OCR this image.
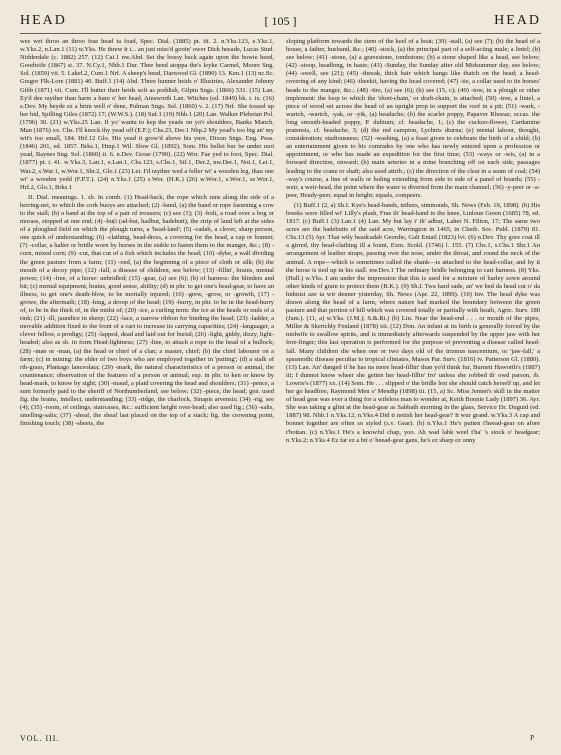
HEAD	[ 105 ]	HEAD

wes wet throo an throo frae head ta foad, Spec. Dial. (1885) pt. iii. 2. n.Yks.123, e.Yks.1, w.Yks.2, n.Lan.1 (11) w.Yks. He threw it i... an just miss'd gooin' ower Dick heeade, Lucas Stud. Nidderdale (c. 1882) 257. (12) Cai.1 nw.Abd. Set the bossy back again upon the bowie heed, Goodwife (1867) st. 37. N.Cy.1, Nhb.1 Dur. Thee heed atoppa the's leyke Carmel, Moore Sng. Sol. (1859) vii. 5. Lakel.2, Cum.1 Nrf. A sheep's heed, Darwood Gl. (1890) 13. Ken.1 (13) nc.Sc. Gregor Flk-Lore (1881) 40. Buff.1 (14) Abd. Three hunner heids o' Illustries, Alexander Johnny Gibb (1871) vii. Cum. I'll butter their heids soft as poddish, Gilpin Sngs. (1866) 531. (15) Lan. Ey'd dee rayther than harm a hure o' her head, Ainsworth Lan. Witches (ed. 1849) bk. i. ix. (16) e.Dev. My heyde ez a brim well o' dene, Pulman Sngs. Sol. (1860) v. 2. (17) Nrf. She tossed up her hid, Spilling Giles (1872) 17; (W.W.S.). (18) Suf.1 (19) Nhb.1 (20) Lan. Walker Plebeian Pol. (1796) 30. (21) w.Yks.25 Lan. If yo' wanta to kep the yeads on yo'r shoulders, Banks Manch. Man (1876) xx. Chs. I'll knock thy yead off (E.F.); Chs.23, Der.1 Nhp.2 My yead's too big an' my wit's too small, 184. Hrf.12 Glo. His yead it grow'd above his yure, Dixon Sngs. Eng. Peas. (1846) 201, ed. 1857. Brks.1, Hmp.1 Wil. Slow Gl. (1892). Som. His bellei bur be under moi yead, Baynes Sng. Sol. (1860) ii. 6. n.Dev. Grose (1790). (22) Wor. Fae yed to foot, Spec. Dial. (1877) pt. i. 41. w.Yks.3, Lan.1, e.Lan.1, Chs.123, s.Chs.1, Stf.1, Der.2, nw.Der.1, Not.1, Lei.1, War.2, s.War.1, w.Wor.1, Shr.2, Glo.1 (23) Lei. I'd rayther wed a feller wi' a wooden leg, than one wi' a wooden yedd (F.P.T.). (24) n.Yks.1 (25) s.Wor. (H.K.) (26) w.Wor.1, s.Wor.1, se.Wor.1, Hrf.2, Glo.1, Brks.1

II. Dial. meanings. 1. sb. In comb. (1) Head-back, the rope which runs along the side of a herring-net, to which the cork buoys are attached; (2) -band, (a) the band or rope fastening a cow to the stall; (b) a band at the top of a pair of trousers; (c) see (1); (3) -bolt, a road over a bog or morass, stopped at one end; (4) -bu(t (ad-but, hadbut, hadebutt), the strip of land left at the sides of a ploughed field on which the plough turns, a 'head-land'; (5) -cadab, a clever, sharp person, one quick of understanding; (6) -clathing, head-dress, a covering for the head, a cap or bonnet; (7) -collar, a halter or bridle worn by horses in the stable to fasten them to the manger, &c.; (8) -corn, mixed corn; (9) -cut, that cut of a fish which includes the head; (10) -dyke, a wall dividing the green pasture from a farm; (11) -end, (a) the beginning of a piece of cloth or silk; (b) the mouth of a decoy pipe; (12) -fall, a disease of children, see below; (13) -fillin', brains, mental power; (14) -free, of a horse: unbridled; (15) -gear, (a) see (6); (b) of harness: the blinders and bit; (c) mental equipment, brains, good sense, ability; (d) in phr. to get one's head-gear, to have an illness, to get one's death-blow, to be mortally injured; (16) -grew, -grow, or -growth, (17) -growe, the aftermath; (18) -hing, a droop of the head; (19) -hurry, in phr. to be in the head-hurry of, to be in the thick of, in the midst of; (20) -ice, a curling term: the ice at the heads or ends of a rink; (21) -ill, jaundice in sheep; (22) -lace, a narrow ribbon for binding the head; (23) -ladder, a movable addition fixed to the front of a cart to increase its carrying capacities; (24) -languager, a clever fellow, a prodigy; (25) -lapped, dead and laid out for burial; (26) -light, giddy, dizzy, light-headed; also as sb. in form Head-lightness; (27) -line, to attach a rope to the head of a bullock; (28) -man or -man, (a) the head or chief of a clan; a master, chief; (b) the chief labourer on a farm; (c) in mining: the elder of two boys who are employed together in 'putting'; (d) a stalk of rib-grass, Plantago lanceolata; (29) -mark, the natural characteristics of a person or animal, the countenance; observation of the features of a person or animal; esp. in phr. to ken or know by head-mark, to know by sight; (30) -maud, a plaid covering the head and shoulders; (31) -pence, a sum formerly paid to the sheriff of Northumberland, see below; (32) -piece, the head; gen. used fig. the brains, intellect, understanding; (33) -ridge, the charlock, Sinapis arvensis; (34) -rig, see (4); (35) -room, of ceilings, staircases, &c.: sufficient height over-head; also used fig.; (36) -salts, smelling-salts; (37) -sheaf, the sheaf last placed on the top of a stack; fig. the crowning point, finishing touch; (38) -sheets, the

sloping platform towards the stem of the keel of a boat; (39) -stall, (a) see (7); (b) the head of a house, a father, husband, &c.; (40) -stock, (a) the principal part of a self-acting mule; a lintel; (b) see below; (41) -stone, (a) a gravestone, tombstone; (b) a stone shaped like a head, see below; (42) -stoop, headlong, in haste; (43) -Sunday, the Sunday after old Midsummer day, see below; (44) -swell, see (21); (45) -theeak, thick hair which hangs like thatch on the head; a head-covering of any kind; (46) -theekit, having the head covered; (47) -tie, a collar used to tie horses' heads to the manger, &c.; (48) -tire, (a) see (6); (b) see (15, c); (49) -tow, in a plough or other implement: the loop to which the 'short-chain,' or draft-chain, is attached; (50) -tree, a lintel, a piece of wood set across the head of an upright prop to support the roof in a pit; (51) -wark, -wartch, -wartch, -yak, or -yik, (a) headache; (b) the scarlet poppy, Papaver Rhoeas; occas. the long smooth-headed poppy, P. dubium; cf. headache, 1; (c) the cuckoo-flower, Cardamine pratensis, cf. headache, 3; (d) the red campion, Lychnis diurna; (e) mental labour, thought, consideration; studiousness; (52) -washing, (a) a feast given to celebrate the birth of a child; (b) an entertainment given to his comrades by one who has newly entered upon a profession or appointment, or who has made an expedition for the first time; (53) -ways or -wis, (a) in a forward direction, onward; (b) main arteries in a mine branching off on each side, passages leading to the crane or shaft; also used attrib.; (c) the direction of the cleat in a seam of coal; (54) -way's course, a line of walls or holing extending from side to side of a panel of boards; (55) -weir, a weir-head, the point where the water is diverted from the main channel; (56) -y-peer or -a-peer, Heady-peer, equal in height; equals, compeers.

(1) Buff.1 (2, a) Sh.I. Kye's head-bands, tethers, simmonds, Sh. News (Feb. 19, 1898). (b) His breeks were filled wi' Lilly's plash, Frae th' head-band to the knee, Linloun Green (1685) 78, ed. 1817. (c) Buff.1 (3) Lan.1 (4) Lan. My but lay i' th' adbut, Laher N. Filton, 17; The same two acres are the hadebutts of the said acre, Warrington in 1465, in Chetb. Soc. Publ. (1879) 81. Chs.13 (5) Ayr. That wily headcadab Geordie, Galt Entail (1823) lvi. (6) n.Dev. Thy gore coat ill a girred, thy head-clathing ill a fount, Exm. Scold. (1746) l. 155. (7) Chs.1, s.Chs.1 Shr.1 An arrangement of leather straps, passing over the nose, under the throat, and round the neck of the animal. A rope—which is sometimes called the shank—is attached to the head-collar, and by it the horse is tied up in his stall. nw.Dev.1 The ordinary bridle belonging to cart harness. (8) Yks. (Hall.) w.Yks. I am under the impression that this is used for a mixture of barley sown around other kinds of grain to protect them (B.K.). (9) Sh.I. Twa hard sade, an' we hed da head cut o' da hidmist aze ta wir denner yisterday, Sh. News (Apr. 22, 1899). (10) Inv. The head dyke was drawn along the head of a farm, where nature had marked the boundary between the green pasture and that portion of hill which was covered totally or partially with heath, Agric. Surv. 180 (Jam.). (11, a) w.Yks. (J.M.); S.&.Ri.) (b) Lin. Near the head-end . . . or mouth of the pipes, Miller & Skertchly Fenland (1878) xii. (12) Don. An infant at its birth is generally forced by the midwife to swallow spirits, and is immediately afterwards suspended by the upper jaw with her fore-finger; this last operation is performed for the purpose of preventing a disease called head-fall. Many children die when one or two days old of the trismus nascentium, or 'jaw-fall,' a spasmodic disease peculiar to tropical climates, Mason Par. Surv. (1816) iv. Patterson Gl. (1880). (13) Lan. An' danged if he has na more head-fillin' than yo'd think fur, Burnett Haworth's (1887) iii; I dunnot know wheer she getten her head-fillin' fro' unless she robbed th' owd parson, ib. Lowrie's (1877) xx. (14) Som. He . . . slipped o' the bridle lest she should catch herself up, and let her go headfree, Raymond Men o' Mendip (1898) iii. (15, a) Sc. Miss Jennet's skill in the matter of head gear was ever a thing for a wifeless man to wonder at, Keith Bonnie Lady (1897) 36. Ayr. She was taking a glint at the head-gear as Sabbath morning in the glass, Service Dr. Duguid (ed. 1887) 98. Nhb.1 n.Yks.12, n.Yks.4 Did ti notish her head-gear? It wur grand. w.Yks.3 A cap and bonnet together are often so styled (s.v. Gear). (b) n.Yks.1 He's putten t'heead-gear on afore t'bottan. (c) n.Yks.1 He's a knowful chap, yoo. Ah wad lahk weel t'ha' 's stock o' headgear; n.Yks.2; n.Yks.4 Ez far ez a bit o' heead-gear gans, he's ez sharp ez onny

VOL. III.	P
